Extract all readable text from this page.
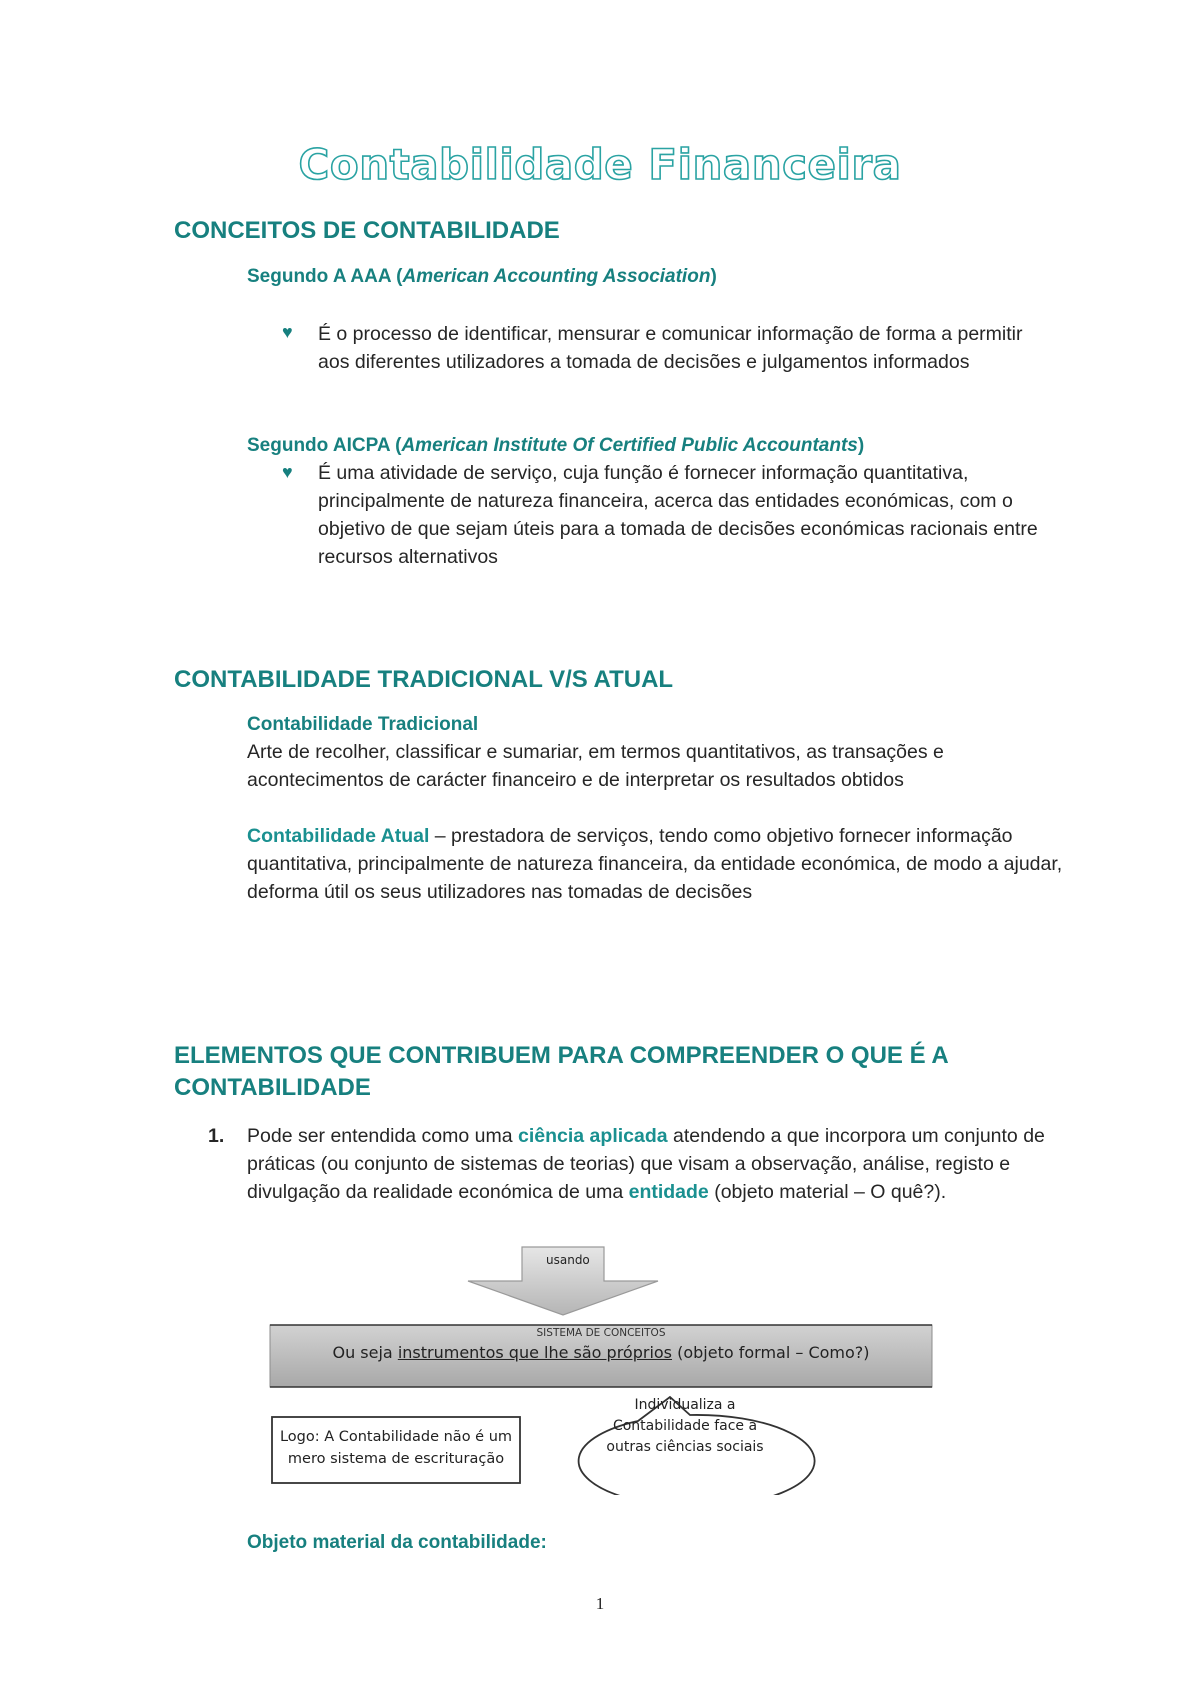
Contabilidade Financeira
CONCEITOS DE CONTABILIDADE
Segundo A AAA (American Accounting Association)
♥ É o processo de identificar, mensurar e comunicar informação de forma a permitir aos diferentes utilizadores a tomada de decisões e julgamentos informados
Segundo AICPA (American Institute Of Certified Public Accountants)
♥ É uma atividade de serviço, cuja função é fornecer informação quantitativa, principalmente de natureza financeira, acerca das entidades económicas, com o objetivo de que sejam úteis para a tomada de decisões económicas racionais entre recursos alternativos
CONTABILIDADE TRADICIONAL V/S ATUAL
Contabilidade Tradicional
Arte de recolher, classificar e sumariar, em termos quantitativos, as transações e acontecimentos de carácter financeiro e de interpretar os resultados obtidos
Contabilidade Atual – prestadora de serviços, tendo como objetivo fornecer informação quantitativa, principalmente de natureza financeira, da entidade económica, de modo a ajudar, deforma útil os seus utilizadores nas tomadas de decisões
ELEMENTOS QUE CONTRIBUEM PARA COMPREENDER O QUE É A
CONTABILIDADE
1. Pode ser entendida como uma ciência aplicada atendendo a que incorpora um conjunto de práticas (ou conjunto de sistemas de teorias) que visam a observação, análise, registo e divulgação da realidade económica de uma entidade (objeto material – O quê?).
usando
SISTEMA DE CONCEITOS
Ou seja instrumentos que lhe são próprios (objeto formal – Como?)
Logo: A Contabilidade não é um
mero sistema de escrituração
Individualiza a
Contabilidade face a
outras ciências sociais
Objeto material da contabilidade:
1
